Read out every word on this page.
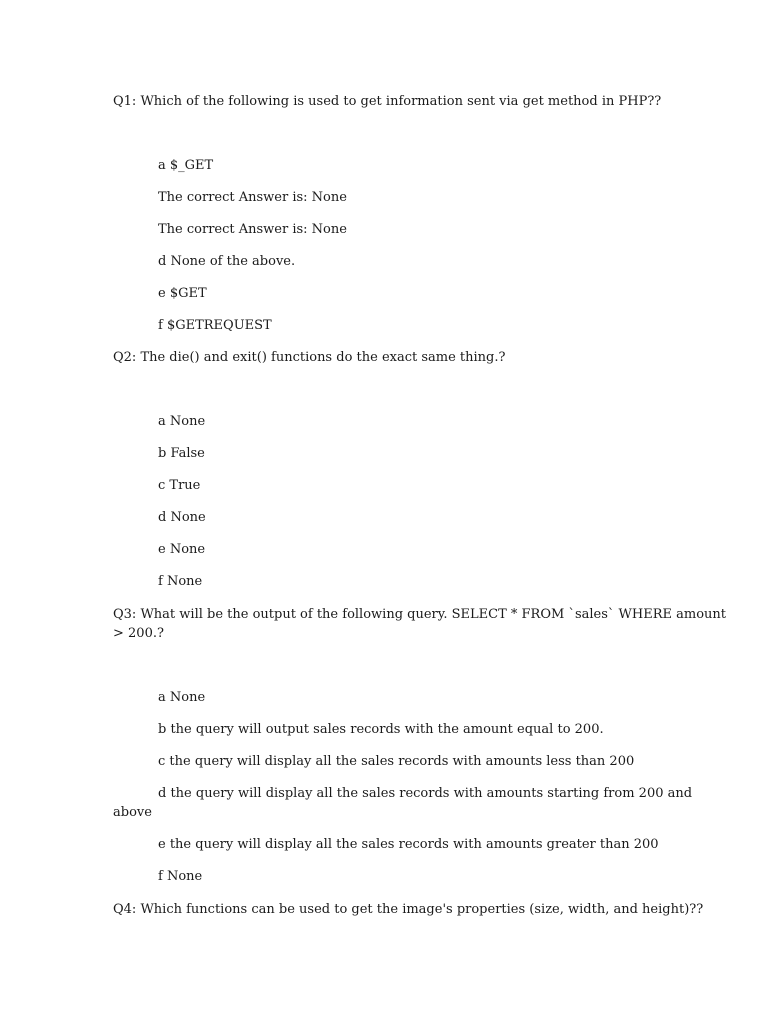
Q1: Which of the following is used to get information sent via get method in PHP??
a $_GET
The correct Answer is: None
The correct Answer is: None
d None of the above.
e $GET
f $GETREQUEST
Q2: The die() and exit() functions do the exact same thing.?
a None
b False
c True
d None
e None
f None
Q3: What will be the output of the following query. SELECT * FROM `sales` WHERE amount
> 200.?
a None
b the query will output sales records with the amount equal to 200.
c the query will display all the sales records with amounts less than 200
d the query will display all the sales records with amounts starting from 200 and
above
e the query will display all the sales records with amounts greater than 200
f None
Q4: Which functions can be used to get the image's properties (size, width, and height)??
